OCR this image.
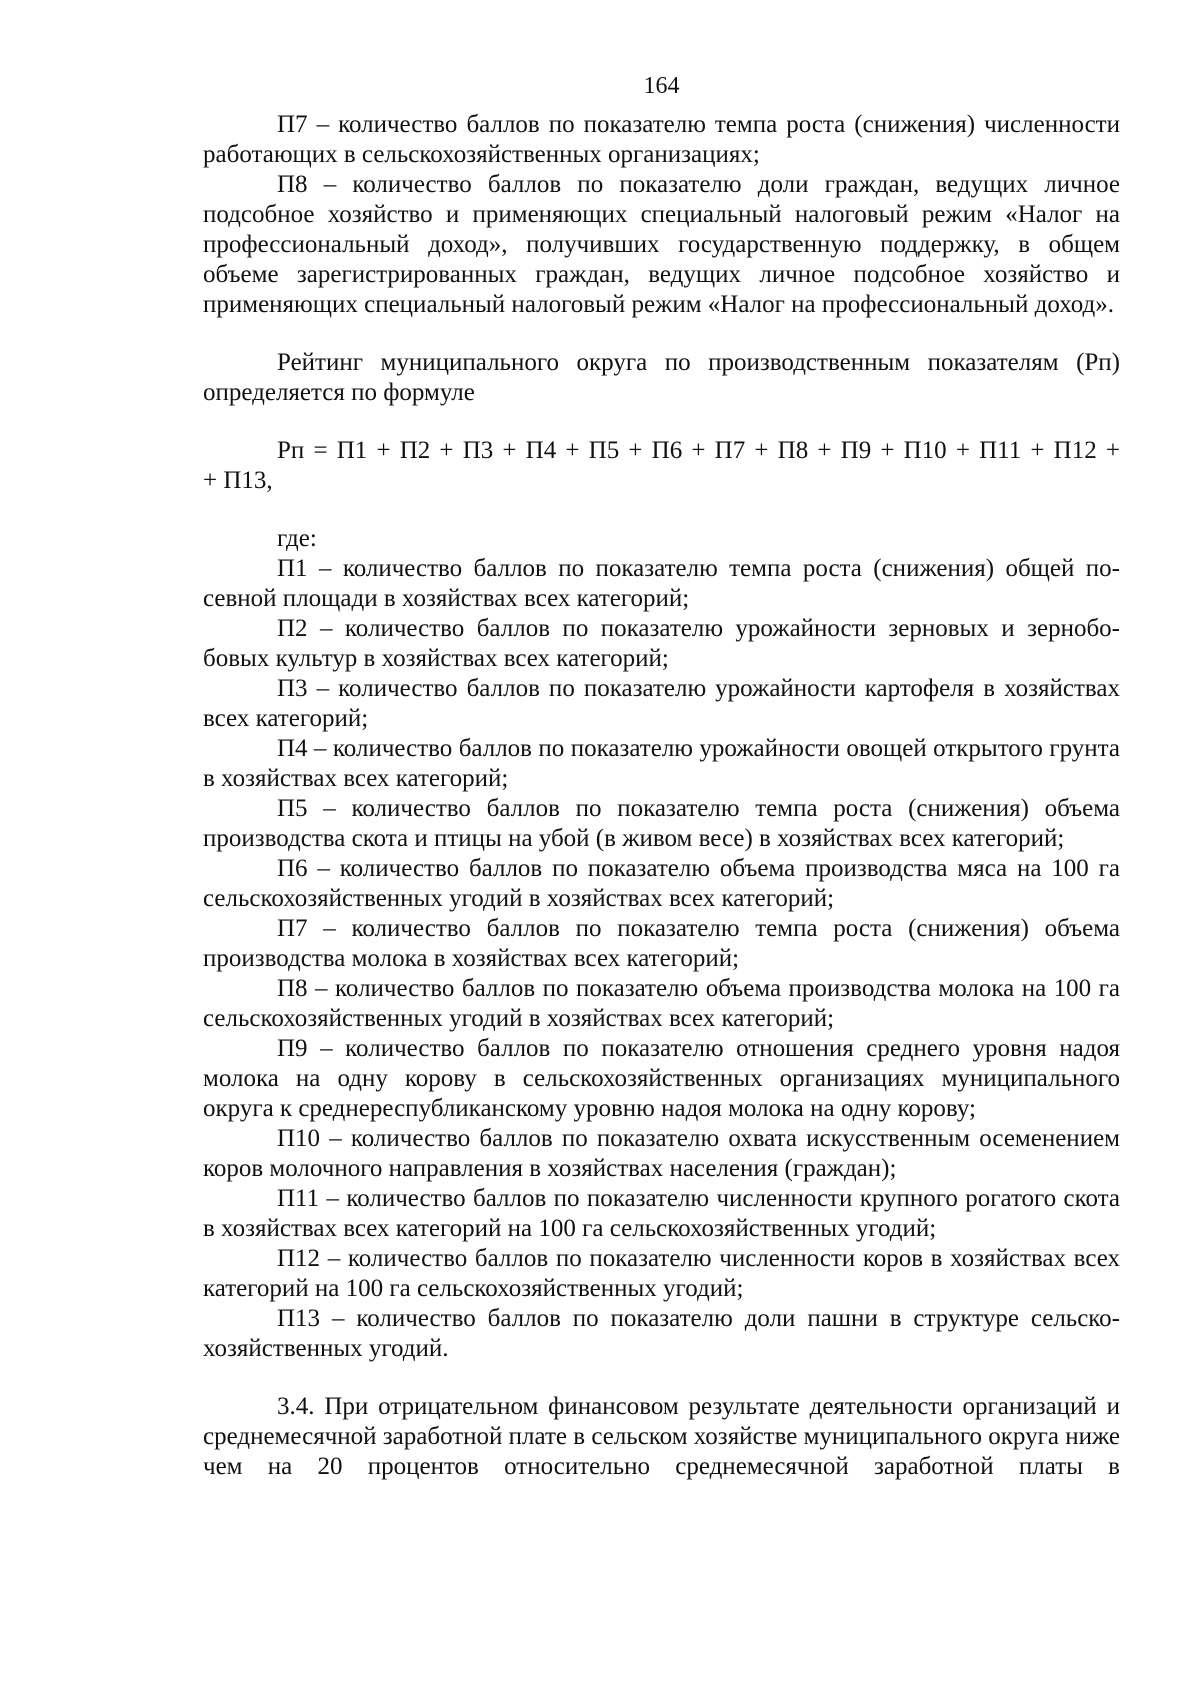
164

П7 – количество баллов по показателю темпа роста (снижения) численности работающих в сельскохозяйственных организациях;

П8 – количество баллов по показателю доли граждан, ведущих личное подсобное хозяйство и применяющих специальный налоговый режим «Налог на профессиональный доход», получивших государственную поддержку, в общем объеме зарегистрированных граждан, ведущих личное подсобное хозяйство и применяющих специальный налоговый режим «Налог на профессиональный доход».

Рейтинг муниципального округа по производственным показателям (Рп) определяется по формуле

Рп = П1 + П2 + П3 + П4 + П5 + П6 + П7 + П8 + П9 + П10 + П11 + П12 +

+ П13,

где:

П1 – количество баллов по показателю темпа роста (снижения) общей посевной площади в хозяйствах всех категорий;

П2 – количество баллов по показателю урожайности зерновых и зернобобовых культур в хозяйствах всех категорий;

П3 – количество баллов по показателю урожайности картофеля в хозяйствах всех категорий;

П4 – количество баллов по показателю урожайности овощей открытого грунта в хозяйствах всех категорий;

П5 – количество баллов по показателю темпа роста (снижения) объема производства скота и птицы на убой (в живом весе) в хозяйствах всех категорий;

П6 – количество баллов по показателю объема производства мяса на 100 га сельскохозяйственных угодий в хозяйствах всех категорий;

П7 – количество баллов по показателю темпа роста (снижения) объема производства молока в хозяйствах всех категорий;

П8 – количество баллов по показателю объема производства молока на 100 га сельскохозяйственных угодий в хозяйствах всех категорий;

П9 – количество баллов по показателю отношения среднего уровня надоя молока на одну корову в сельскохозяйственных организациях муниципального округа к среднереспубликанскому уровню надоя молока на одну корову;

П10 – количество баллов по показателю охвата искусственным осеменением коров молочного направления в хозяйствах населения (граждан);

П11 – количество баллов по показателю численности крупного рогатого скота в хозяйствах всех категорий на 100 га сельскохозяйственных угодий;

П12 – количество баллов по показателю численности коров в хозяйствах всех категорий на 100 га сельскохозяйственных угодий;

П13 – количество баллов по показателю доли пашни в структуре сельскохозяйственных угодий.

3.4. При отрицательном финансовом результате деятельности организаций и среднемесячной заработной плате в сельском хозяйстве муниципального округа ниже чем на 20 процентов относительно среднемесячной заработной платы в
